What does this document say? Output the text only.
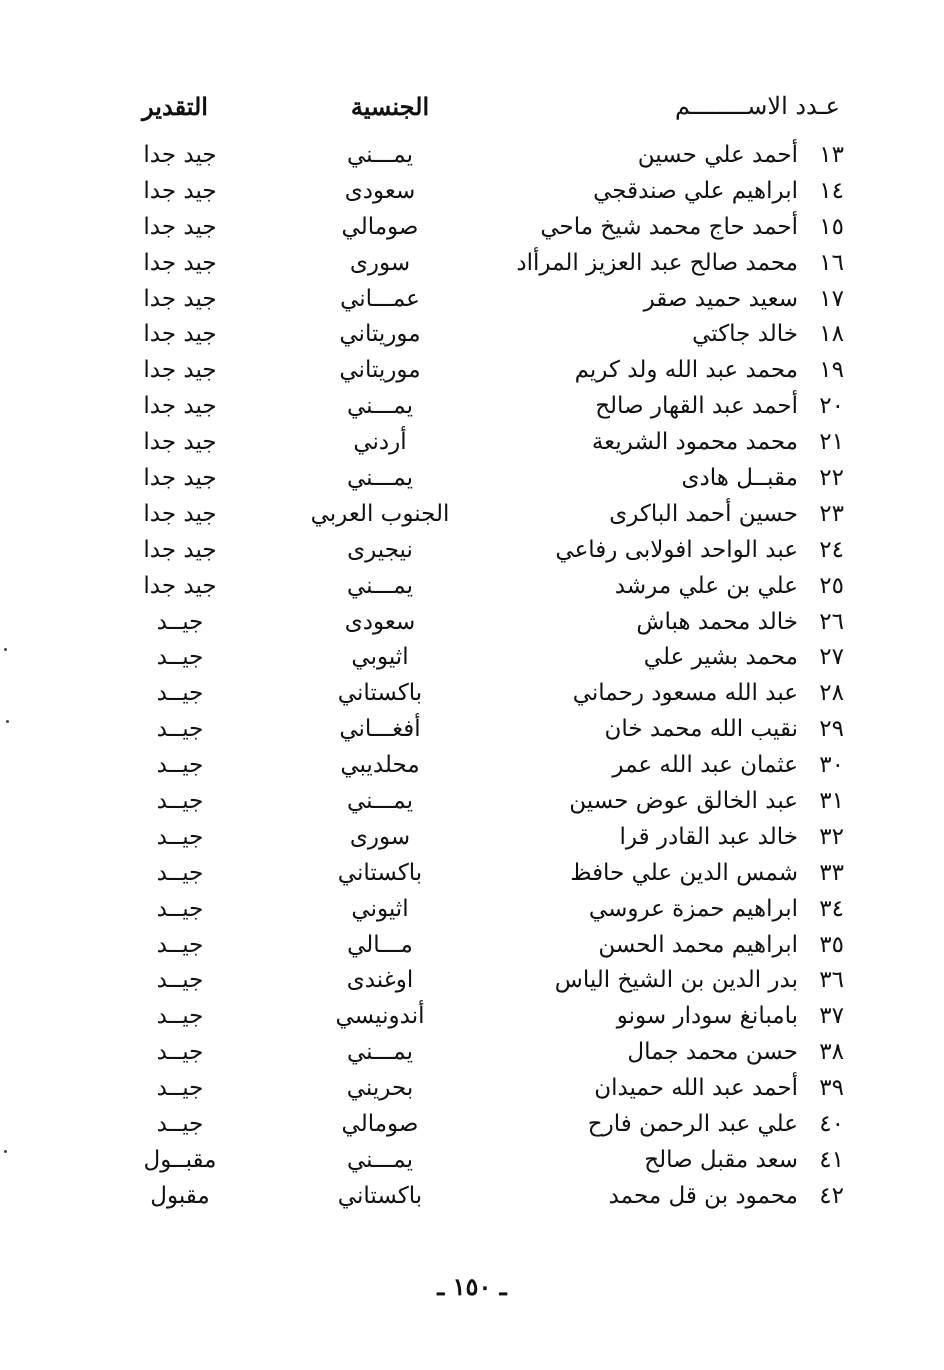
عـدد الاســــــــم
الجنسية
التقدير
١٣
أحمد علي حسين
يمـــني
جيد جدا
١٤
ابراهيم علي صندقجي
سعودى
جيد جدا
١٥
أحمد حاج محمد شيخ ماحي
صومالي
جيد جدا
١٦
محمد صالح عبد العزيز المرأاد
سورى
جيد جدا
١٧
سعيد حميد صقر
عمـــاني
جيد جدا
١٨
خالد جاكتي
موريتاني
جيد جدا
١٩
محمد عبد الله ولد كريم
موريتاني
جيد جدا
٢٠
أحمد عبد القهار صالح
يمـــني
جيد جدا
٢١
محمد محمود الشريعة
أردني
جيد جدا
٢٢
مقبــل هادى
يمـــني
جيد جدا
٢٣
حسين أحمد الباكرى
الجنوب العربي
جيد جدا
٢٤
عبد الواحد افولابى رفاعي
نيجيرى
جيد جدا
٢٥
علي بن علي مرشد
يمـــني
جيد جدا
٢٦
خالد محمد هباش
سعودى
جيــد
٢٧
محمد بشير علي
اثيوبي
جيــد
٢٨
عبد الله مسعود رحماني
باكستاني
جيــد
٢٩
نقيب الله محمد خان
أفغـــاني
جيــد
٣٠
عثمان عبد الله عمر
محلديبي
جيــد
٣١
عبد الخالق عوض حسين
يمـــني
جيــد
٣٢
خالد عبد القادر قرا
سورى
جيــد
٣٣
شمس الدين علي حافظ
باكستاني
جيــد
٣٤
ابراهيم حمزة عروسي
اثيوني
جيــد
٣٥
ابراهيم محمد الحسن
مـــالي
جيــد
٣٦
بدر الدين بن الشيخ الياس
اوغندى
جيــد
٣٧
بامبانغ سودار سونو
أندونيسي
جيــد
٣٨
حسن محمد جمال
يمـــني
جيــد
٣٩
أحمد عبد الله حميدان
بحريني
جيــد
٤٠
علي عبد الرحمن فارح
صومالي
جيــد
٤١
سعد مقبل صالح
يمـــني
مقبــول
٤٢
محمود بن قل محمد
باكستاني
مقبول
ـ ١٥٠ ـ
